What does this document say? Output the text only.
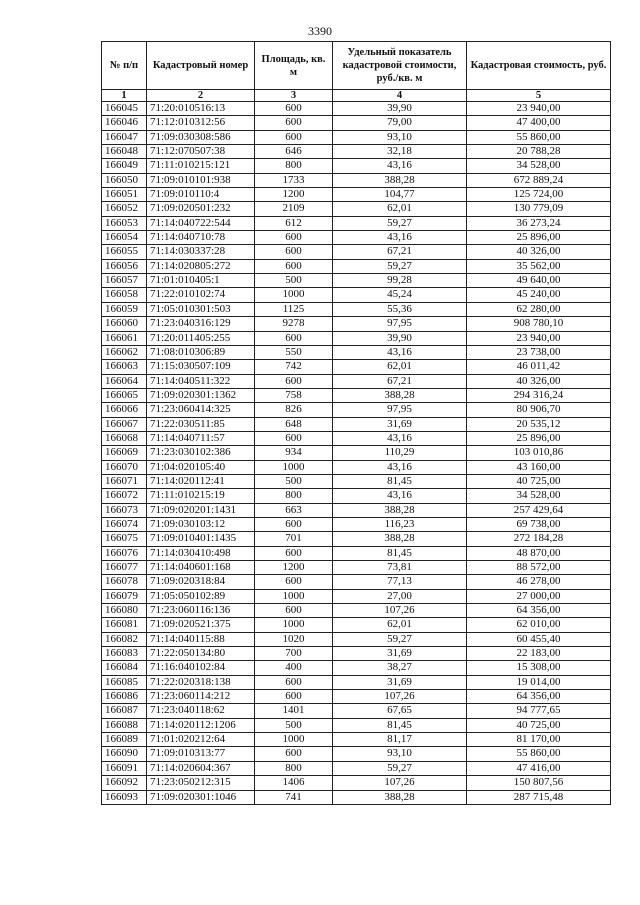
3390
№ п/п	Кадастровый номер	Площадь, кв. м	Удельный показатель кадастровой стоимости, руб./кв. м	Кадастровая стоимость, руб.
1	2	3	4	5
166045	71:20:010516:13	600	39,90	23 940,00
166046	71:12:010312:56	600	79,00	47 400,00
166047	71:09:030308:586	600	93,10	55 860,00
166048	71:12:070507:38	646	32,18	20 788,28
166049	71:11:010215:121	800	43,16	34 528,00
166050	71:09:010101:938	1733	388,28	672 889,24
166051	71:09:010110:4	1200	104,77	125 724,00
166052	71:09:020501:232	2109	62,01	130 779,09
166053	71:14:040722:544	612	59,27	36 273,24
166054	71:14:040710:78	600	43,16	25 896,00
166055	71:14:030337:28	600	67,21	40 326,00
166056	71:14:020805:272	600	59,27	35 562,00
166057	71:01:010405:1	500	99,28	49 640,00
166058	71:22:010102:74	1000	45,24	45 240,00
166059	71:05:010301:503	1125	55,36	62 280,00
166060	71:23:040316:129	9278	97,95	908 780,10
166061	71:20:011405:255	600	39,90	23 940,00
166062	71:08:010306:89	550	43,16	23 738,00
166063	71:15:030507:109	742	62,01	46 011,42
166064	71:14:040511:322	600	67,21	40 326,00
166065	71:09:020301:1362	758	388,28	294 316,24
166066	71:23:060414:325	826	97,95	80 906,70
166067	71:22:030511:85	648	31,69	20 535,12
166068	71:14:040711:57	600	43,16	25 896,00
166069	71:23:030102:386	934	110,29	103 010,86
166070	71:04:020105:40	1000	43,16	43 160,00
166071	71:14:020112:41	500	81,45	40 725,00
166072	71:11:010215:19	800	43,16	34 528,00
166073	71:09:020201:1431	663	388,28	257 429,64
166074	71:09:030103:12	600	116,23	69 738,00
166075	71:09:010401:1435	701	388,28	272 184,28
166076	71:14:030410:498	600	81,45	48 870,00
166077	71:14:040601:168	1200	73,81	88 572,00
166078	71:09:020318:84	600	77,13	46 278,00
166079	71:05:050102:89	1000	27,00	27 000,00
166080	71:23:060116:136	600	107,26	64 356,00
166081	71:09:020521:375	1000	62,01	62 010,00
166082	71:14:040115:88	1020	59,27	60 455,40
166083	71:22:050134:80	700	31,69	22 183,00
166084	71:16:040102:84	400	38,27	15 308,00
166085	71:22:020318:138	600	31,69	19 014,00
166086	71:23:060114:212	600	107,26	64 356,00
166087	71:23:040118:62	1401	67,65	94 777,65
166088	71:14:020112:1206	500	81,45	40 725,00
166089	71:01:020212:64	1000	81,17	81 170,00
166090	71:09:010313:77	600	93,10	55 860,00
166091	71:14:020604:367	800	59,27	47 416,00
166092	71:23:050212:315	1406	107,26	150 807,56
166093	71:09:020301:1046	741	388,28	287 715,48
